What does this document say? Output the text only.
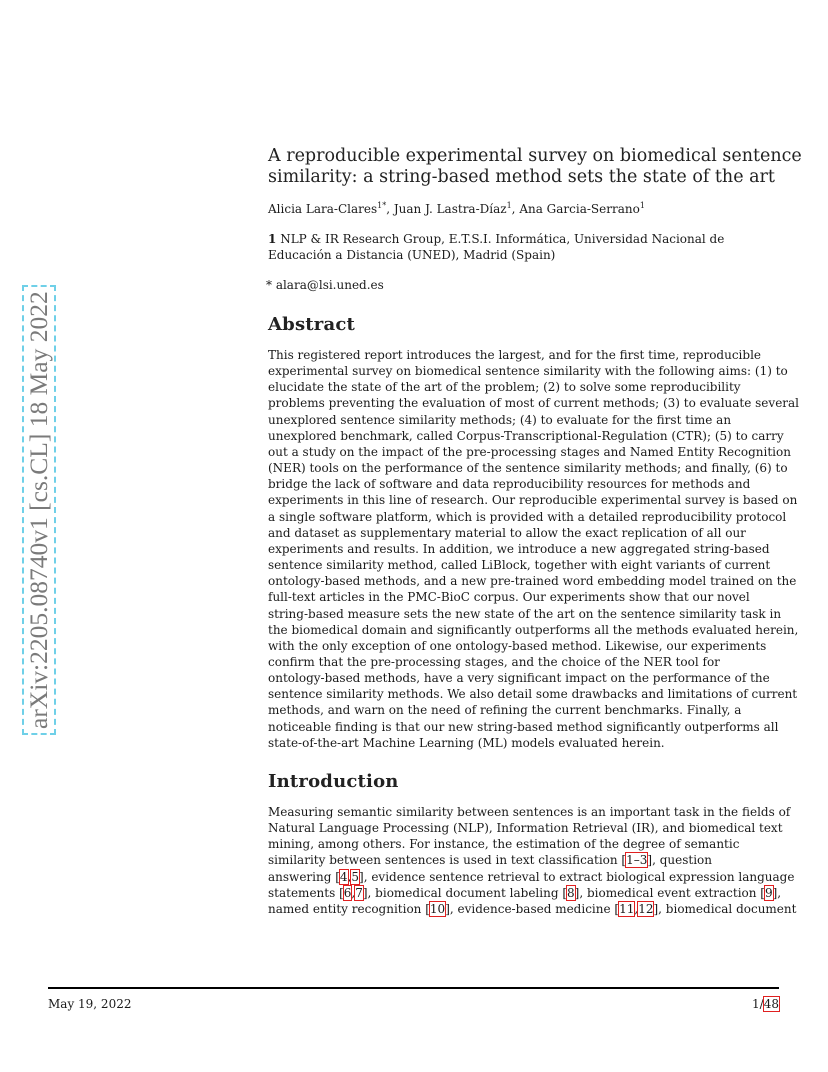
arXiv:2205.08740v1 [cs.CL] 18 May 2022
A reproducible experimental survey on biomedical sentence
similarity: a string-based method sets the state of the art
Alicia Lara-Clares$^{1*}$, Juan J. Lastra-Díaz$^1$, Ana Garcia-Serrano$^1$
1 NLP & IR Research Group, E.T.S.I. Informática, Universidad Nacional de
Educación a Distancia (UNED), Madrid (Spain)
* alara@lsi.uned.es
Abstract
This registered report introduces the largest, and for the first time, reproducible
experimental survey on biomedical sentence similarity with the following aims: (1) to
elucidate the state of the art of the problem; (2) to solve some reproducibility
problems preventing the evaluation of most of current methods; (3) to evaluate several
unexplored sentence similarity methods; (4) to evaluate for the first time an
unexplored benchmark, called Corpus-Transcriptional-Regulation (CTR); (5) to carry
out a study on the impact of the pre-processing stages and Named Entity Recognition
(NER) tools on the performance of the sentence similarity methods; and finally, (6) to
bridge the lack of software and data reproducibility resources for methods and
experiments in this line of research. Our reproducible experimental survey is based on
a single software platform, which is provided with a detailed reproducibility protocol
and dataset as supplementary material to allow the exact replication of all our
experiments and results. In addition, we introduce a new aggregated string-based
sentence similarity method, called LiBlock, together with eight variants of current
ontology-based methods, and a new pre-trained word embedding model trained on the
full-text articles in the PMC-BioC corpus. Our experiments show that our novel
string-based measure sets the new state of the art on the sentence similarity task in
the biomedical domain and significantly outperforms all the methods evaluated herein,
with the only exception of one ontology-based method. Likewise, our experiments
confirm that the pre-processing stages, and the choice of the NER tool for
ontology-based methods, have a very significant impact on the performance of the
sentence similarity methods. We also detail some drawbacks and limitations of current
methods, and warn on the need of refining the current benchmarks. Finally, a
noticeable finding is that our new string-based method significantly outperforms all
state-of-the-art Machine Learning (ML) models evaluated herein.
Introduction
Measuring semantic similarity between sentences is an important task in the fields of
Natural Language Processing (NLP), Information Retrieval (IR), and biomedical text
mining, among others. For instance, the estimation of the degree of semantic
similarity between sentences is used in text classification [1–3], question
answering [4,5], evidence sentence retrieval to extract biological expression language
statements [6,7], biomedical document labeling [8], biomedical event extraction [9],
named entity recognition [10], evidence-based medicine [11,12], biomedical document
May 19, 2022	1/48
